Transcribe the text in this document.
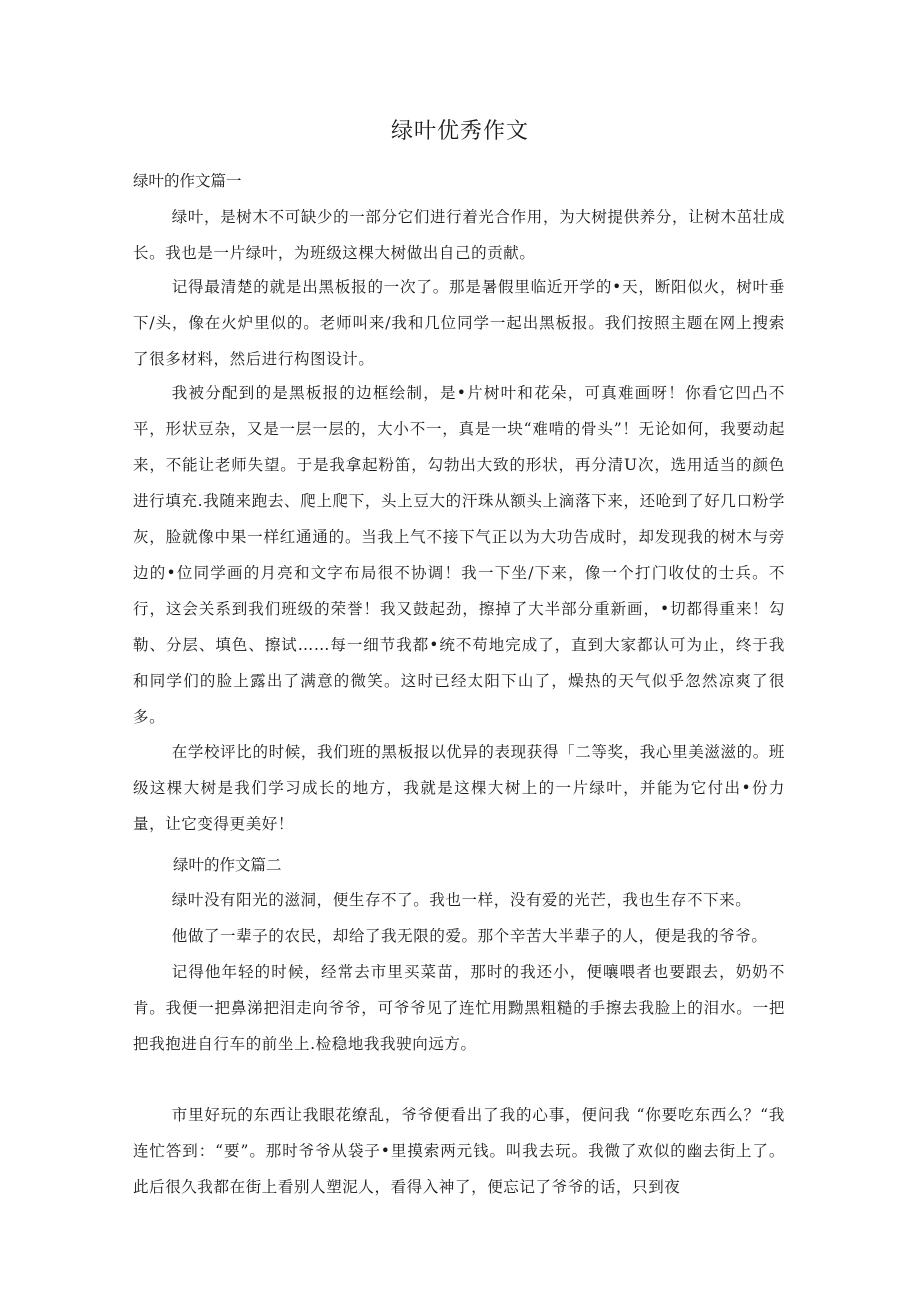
绿叶优秀作文

绿叶的作文篇一

绿叶，是树木不可缺少的一部分它们进行着光合作用，为大树提供养分，让树木茁壮成长。我也是一片绿叶，为班级这棵大树做出自己的贡献。

记得最清楚的就是出黑板报的一次了。那是暑假里临近开学的•天，断阳似火，树叶垂下/头，像在火炉里似的。老师叫来/我和几位同学一起出黑板报。我们按照主题在网上搜索了很多材料，然后进行构图设计。

我被分配到的是黑板报的边框绘制，是•片树叶和花朵，可真难画呀！你看它凹凸不平，形状豆杂，又是一层一层的，大小不一，真是一块“难啃的骨头”！无论如何，我要动起来，不能让老师失望。于是我拿起粉笛，勾勃出大致的形状，再分清U次，选用适当的颜色进行填充.我随来跑去、爬上爬下，头上豆大的汗珠从额头上滴落下来，还呛到了好几口粉学灰，脸就像中果一样红通通的。当我上气不接下气正以为大功告成时，却发现我的树木与旁边的•位同学画的月亮和文字布局很不协调！我一下坐/下来，像一个打门收仗的士兵。不行，这会关系到我们班级的荣誉！我又鼓起劲，擦掉了大半部分重新画，•切都得重来！勾勒、分层、填色、擦试……每一细节我都•统不苟地完成了，直到大家都认可为止，终于我和同学们的脸上露出了满意的微笑。这时已经太阳下山了，燥热的天气似乎忽然凉爽了很多。

在学校评比的时候，我们班的黑板报以优异的表现获得「二等奖，我心里美滋滋的。班级这棵大树是我们学习成长的地方，我就是这棵大树上的一片绿叶，并能为它付出•份力量，让它变得更美好！

绿叶的作文篇二

绿叶没有阳光的滋洞，便生存不了。我也一样，没有爱的光芒，我也生存不下来。

他做了一辈子的农民，却给了我无限的爱。那个辛苦大半辈子的人，便是我的爷爷。

记得他年轻的时候，经常去市里买菜苗，那时的我还小，便嚷喂者也要跟去，奶奶不肯。我便一把鼻涕把泪走向爷爷，可爷爷见了连忙用黝黑粗糙的手擦去我脸上的泪水。一把把我抱进自行车的前坐上.检稳地我我驶向远方。

市里好玩的东西让我眼花缭乱，爷爷便看出了我的心事，便问我 “你要吃东西么？“我连忙答到：“要”。那时爷爷从袋子•里摸索两元钱。叫我去玩。我微了欢似的幽去街上了。此后很久我都在街上看别人塑泥人，看得入神了，便忘记了爷爷的话，只到夜
